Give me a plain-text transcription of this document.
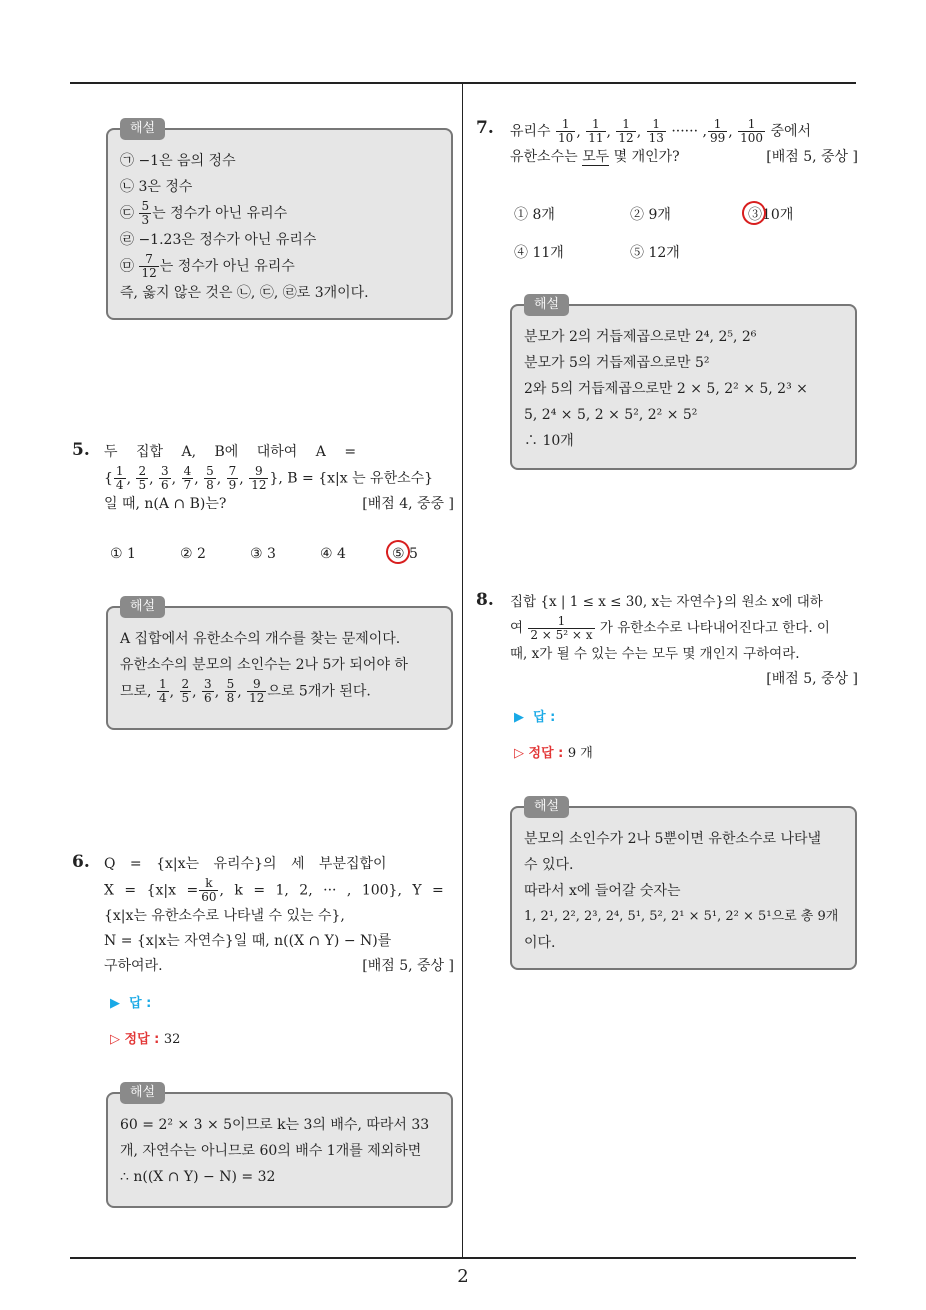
해설
㉠ −1은 음의 정수
㉡ 3은 정수
㉢ $\frac{5}{3}$ 는 정수가 아닌 유리수
㉣ −1.23은 정수가 아닌 유리수
㉤ $\frac{7}{12}$ 는 정수가 아닌 유리수
즉, 옳지 않은 것은 ㉡, ㉢, ㉣로 3개이다.
5. 두 집합 A, B에 대하여 A =
{ $\frac{1}{4}$ , $\frac{2}{5}$ , $\frac{3}{6}$ , $\frac{4}{7}$ , $\frac{5}{8}$ , $\frac{7}{9}$ , $\frac{9}{12}$ }, B = {x|x 는 유한소수}
일 때, n(A ∩ B)는?	[배점 4, 중중 ]
① 1	② 2	③ 3	④ 4	⑤ 5
해설
A 집합에서 유한소수의 개수를 찾는 문제이다.
유한소수의 분모의 소인수는 2나 5가 되어야 하
므로, $\frac{1}{4}$ , $\frac{2}{5}$ , $\frac{3}{6}$ , $\frac{5}{8}$ , $\frac{9}{12}$ 으로 5개가 된다.
6. Q = {x|x는 유리수}의 세 부분집합이
$X = \{x|x = \frac{k}{60}$ , k = 1, 2, ··· , 100}, Y =
{x|x는 유한소수로 나타낼 수 있는 수},
N = {x|x는 자연수}일 때, n((X ∩ Y) − N)를
구하여라.	[배점 5, 중상 ]
▶  답 :
▷ 정답 : 32
해설
60 = 2² × 3 × 5이므로 k는 3의 배수, 따라서 33
개, 자연수는 아니므로 60의 배수 1개를 제외하면
∴ n((X ∩ Y) − N) = 32
7. 유리수 $\frac{1}{10}$ , $\frac{1}{11}$ , $\frac{1}{12}$ , $\frac{1}{13}$ ······ , $\frac{1}{99}$ , $\frac{1}{100}$ 중에서
유한소수는 모두 몇 개인가?	[배점 5, 중상 ]
① 8개	② 9개	③10개
④ 11개	⑤ 12개
해설
분모가 2의 거듭제곱으로만 2⁴, 2⁵, 2⁶
분모가 5의 거듭제곱으로만 5²
2와 5의 거듭제곱으로만 2 × 5, 2² × 5, 2³ ×
5, 2⁴ × 5, 2 × 5², 2² × 5²
∴ 10개
8. 집합 {x | 1 ≤ x ≤ 30, x는 자연수}의 원소 x에 대하
여 $\frac{1}{\text{2 × 5² × x}}$ 가 유한소수로 나타내어진다고 한다. 이
때, x가 될 수 있는 수는 모두 몇 개인지 구하여라.
[배점 5, 중상 ]
▶  답 :
▷ 정답 : 9 개
해설
분모의 소인수가 2나 5뿐이면 유한소수로 나타낼
수 있다.
따라서 x에 들어갈 숫자는
1, 2¹, 2², 2³, 2⁴, 5¹, 5², 2¹ × 5¹, 2² × 5¹으로 총 9개
이다.
2
